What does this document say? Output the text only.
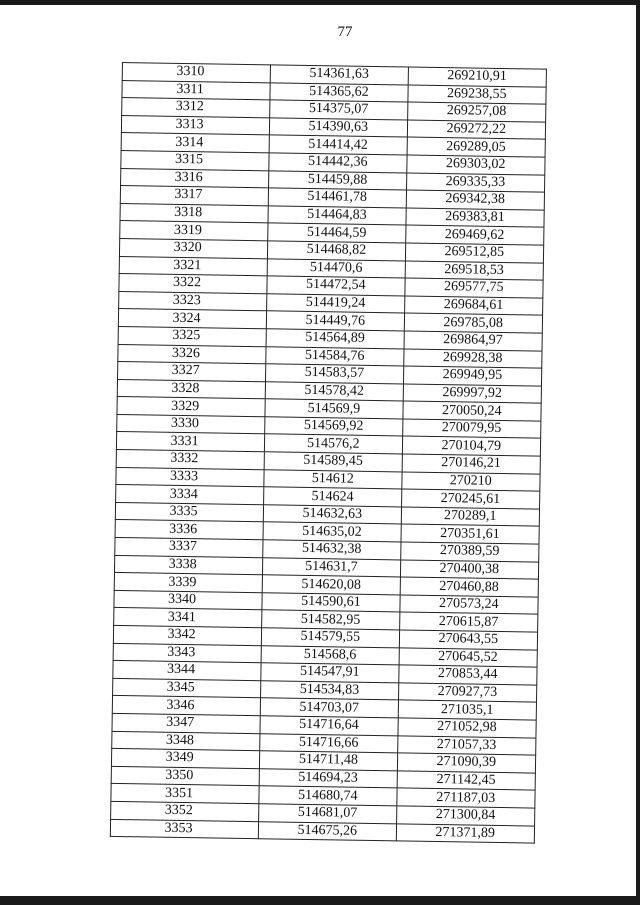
77
3310	514361,63	269210,91
3311	514365,62	269238,55
3312	514375,07	269257,08
3313	514390,63	269272,22
3314	514414,42	269289,05
3315	514442,36	269303,02
3316	514459,88	269335,33
3317	514461,78	269342,38
3318	514464,83	269383,81
3319	514464,59	269469,62
3320	514468,82	269512,85
3321	514470,6	269518,53
3322	514472,54	269577,75
3323	514419,24	269684,61
3324	514449,76	269785,08
3325	514564,89	269864,97
3326	514584,76	269928,38
3327	514583,57	269949,95
3328	514578,42	269997,92
3329	514569,9	270050,24
3330	514569,92	270079,95
3331	514576,2	270104,79
3332	514589,45	270146,21
3333	514612	270210
3334	514624	270245,61
3335	514632,63	270289,1
3336	514635,02	270351,61
3337	514632,38	270389,59
3338	514631,7	270400,38
3339	514620,08	270460,88
3340	514590,61	270573,24
3341	514582,95	270615,87
3342	514579,55	270643,55
3343	514568,6	270645,52
3344	514547,91	270853,44
3345	514534,83	270927,73
3346	514703,07	271035,1
3347	514716,64	271052,98
3348	514716,66	271057,33
3349	514711,48	271090,39
3350	514694,23	271142,45
3351	514680,74	271187,03
3352	514681,07	271300,84
3353	514675,26	271371,89
